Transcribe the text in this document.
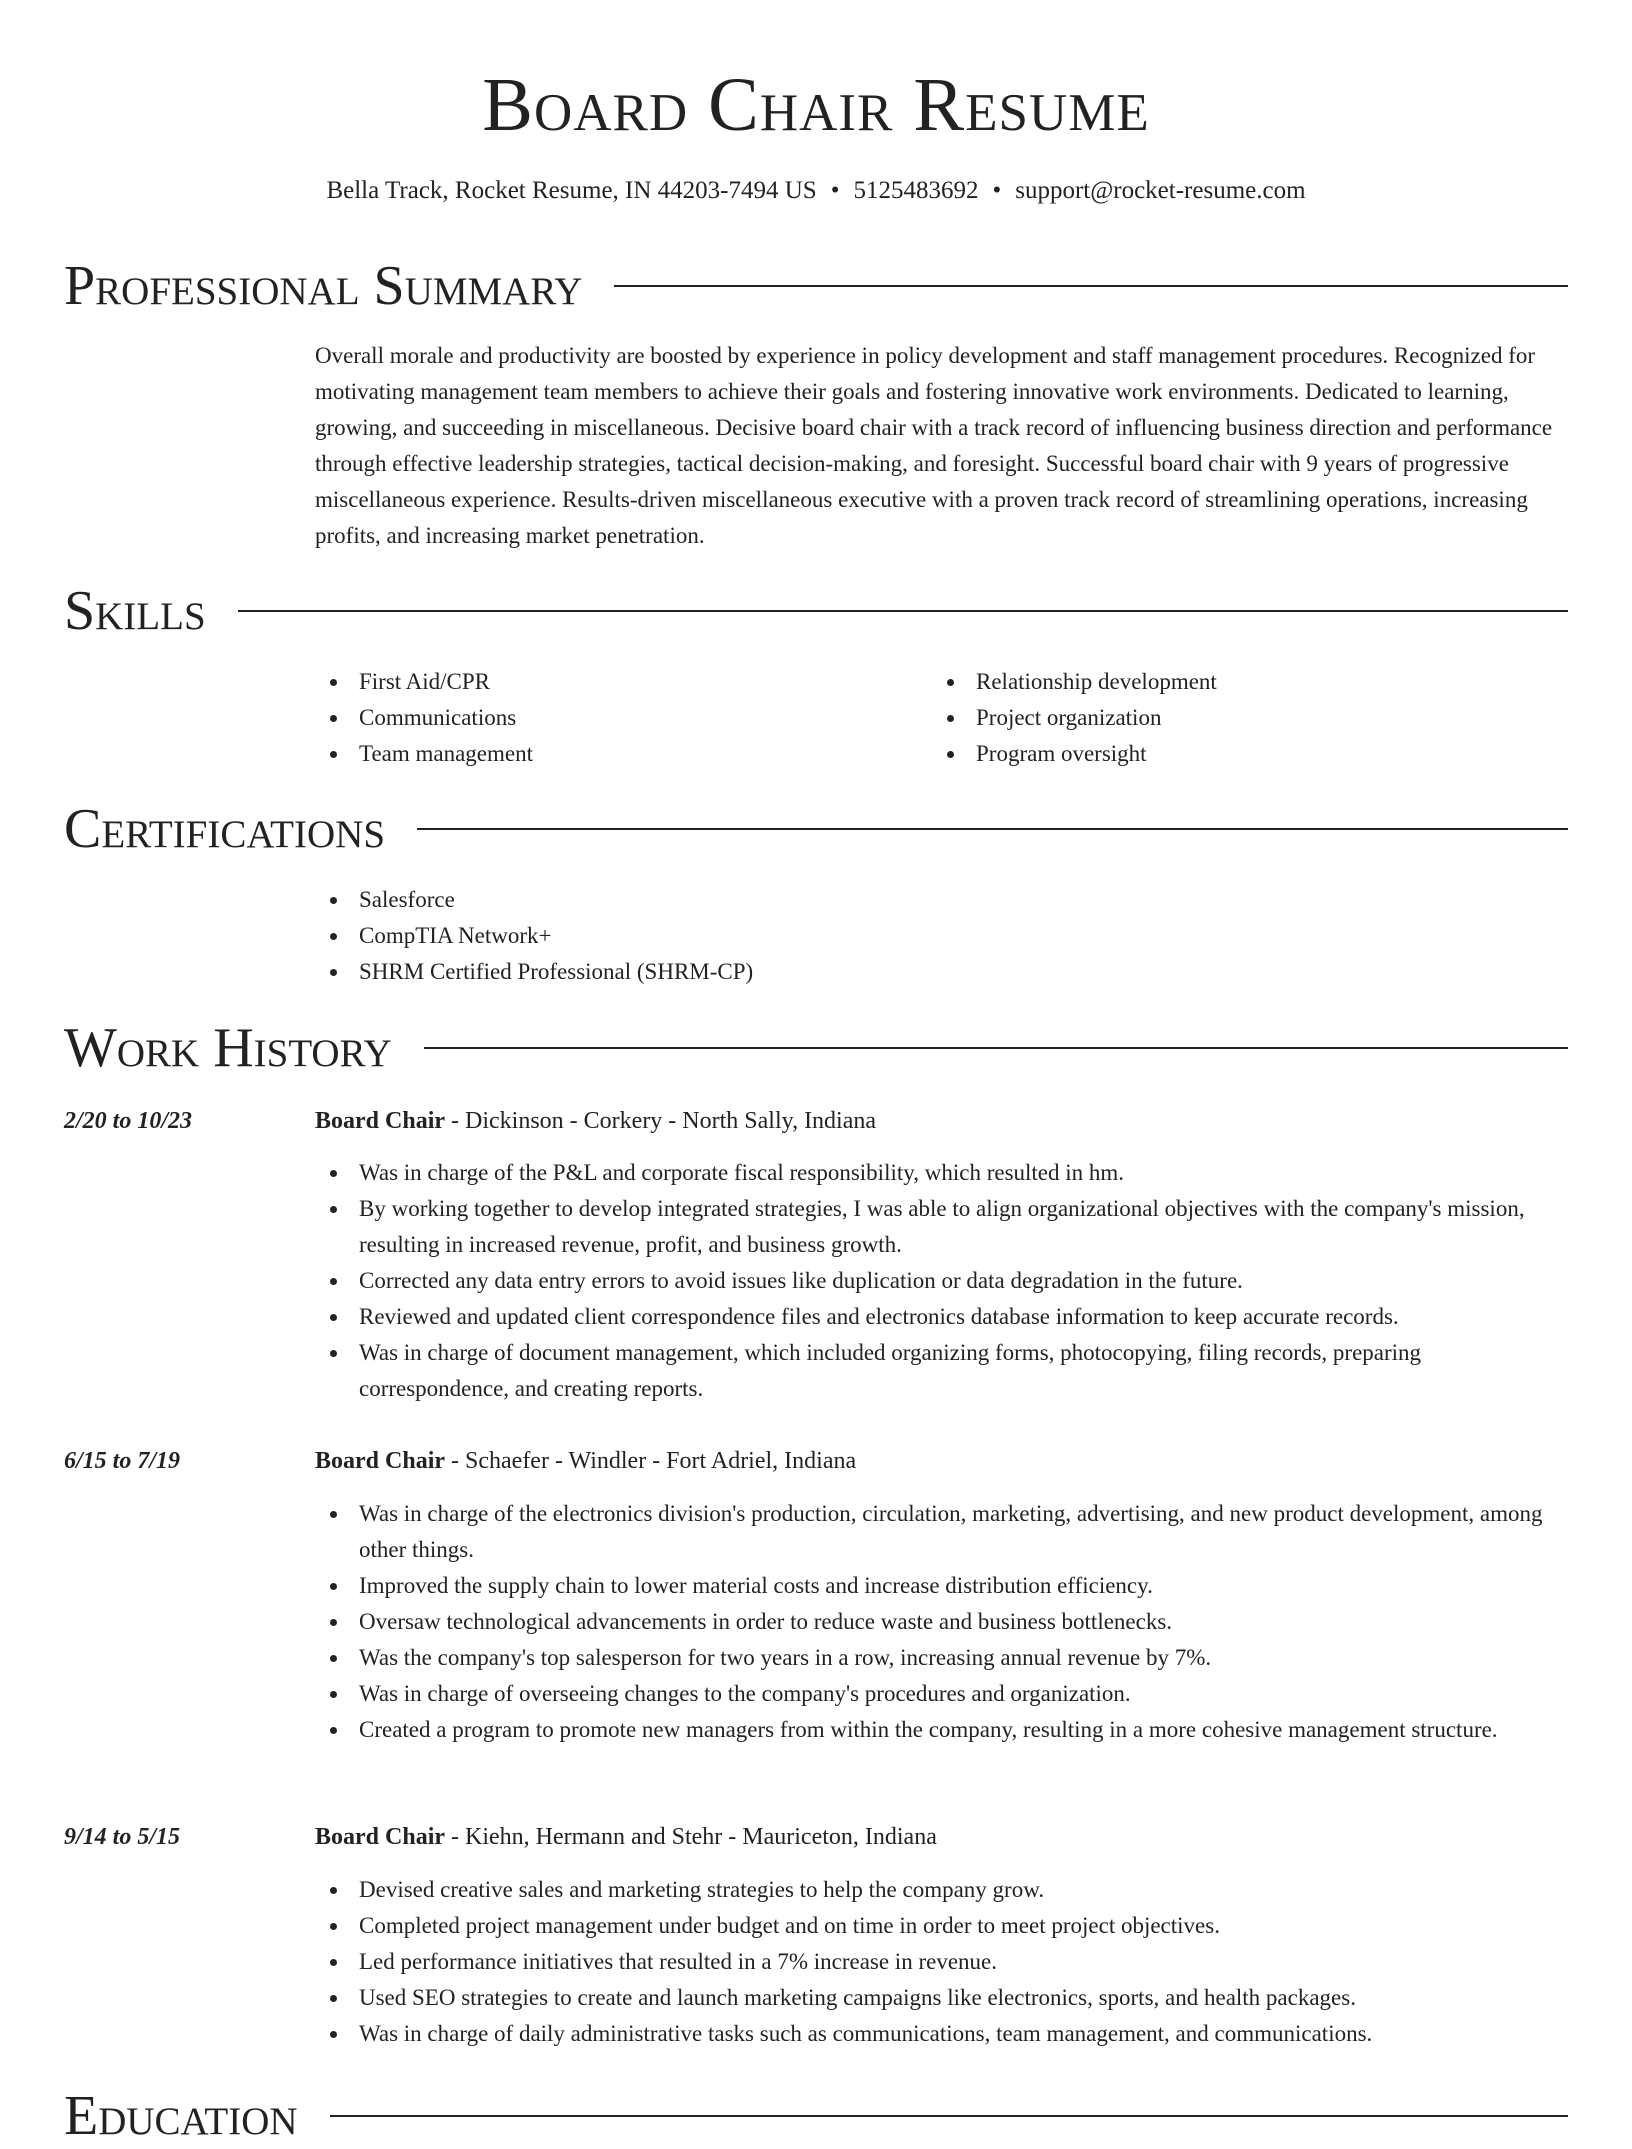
Board Chair Resume
Bella Track, Rocket Resume, IN 44203-7494 US • 5125483692 • support@rocket-resume.com
Professional Summary
Overall morale and productivity are boosted by experience in policy development and staff management procedures. Recognized for motivating management team members to achieve their goals and fostering innovative work environments. Dedicated to learning, growing, and succeeding in miscellaneous. Decisive board chair with a track record of influencing business direction and performance through effective leadership strategies, tactical decision-making, and foresight. Successful board chair with 9 years of progressive miscellaneous experience. Results-driven miscellaneous executive with a proven track record of streamlining operations, increasing profits, and increasing market penetration.
Skills
First Aid/CPR
Communications
Team management
Relationship development
Project organization
Program oversight
Certifications
Salesforce
CompTIA Network+
SHRM Certified Professional (SHRM-CP)
Work History
2/20 to 10/23	Board Chair - Dickinson - Corkery - North Sally, Indiana
Was in charge of the P&L and corporate fiscal responsibility, which resulted in hm.
By working together to develop integrated strategies, I was able to align organizational objectives with the company's mission, resulting in increased revenue, profit, and business growth.
Corrected any data entry errors to avoid issues like duplication or data degradation in the future.
Reviewed and updated client correspondence files and electronics database information to keep accurate records.
Was in charge of document management, which included organizing forms, photocopying, filing records, preparing correspondence, and creating reports.
6/15 to 7/19	Board Chair - Schaefer - Windler - Fort Adriel, Indiana
Was in charge of the electronics division's production, circulation, marketing, advertising, and new product development, among other things.
Improved the supply chain to lower material costs and increase distribution efficiency.
Oversaw technological advancements in order to reduce waste and business bottlenecks.
Was the company's top salesperson for two years in a row, increasing annual revenue by 7%.
Was in charge of overseeing changes to the company's procedures and organization.
Created a program to promote new managers from within the company, resulting in a more cohesive management structure.
9/14 to 5/15	Board Chair - Kiehn, Hermann and Stehr - Mauriceton, Indiana
Devised creative sales and marketing strategies to help the company grow.
Completed project management under budget and on time in order to meet project objectives.
Led performance initiatives that resulted in a 7% increase in revenue.
Used SEO strategies to create and launch marketing campaigns like electronics, sports, and health packages.
Was in charge of daily administrative tasks such as communications, team management, and communications.
Education
